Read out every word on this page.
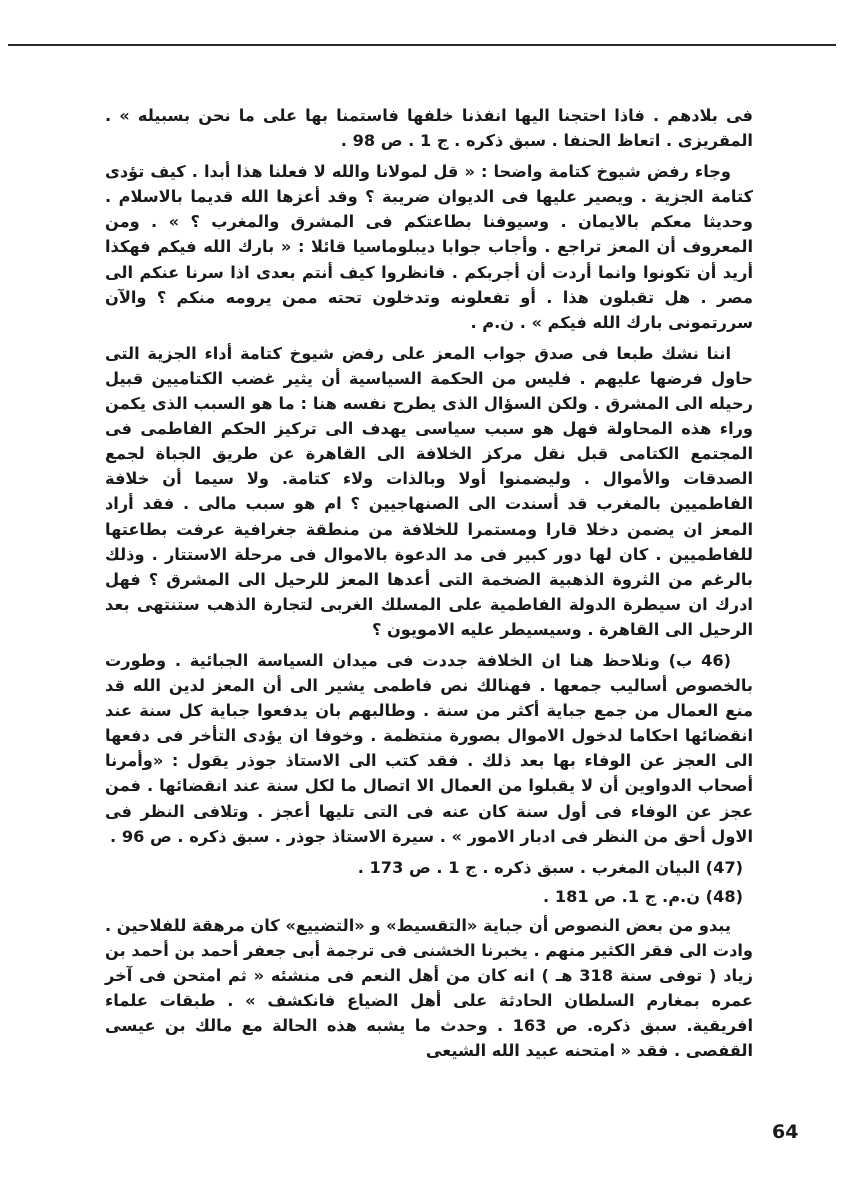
فى بلادهم . فاذا احتجنا اليها انفذنا خلفها فاستمنا بها على ما نحن بسبيله » . المقريزى . اتعاظ الحنفا . سبق ذكره . ج 1 . ص 98 .

وجاء رفض شيوخ كتامة واضحا : « قل لمولانا والله لا فعلنا هذا أبدا . كيف تؤدى كتامة الجزية . ويصير عليها فى الديوان ضريبة ؟ وقد أعزها الله قديما بالاسلام . وحديثا معكم بالايمان . وسيوفنا بطاعتكم فى المشرق والمغرب ؟ » . ومن المعروف أن المعز تراجع . وأجاب جوابا ديبلوماسيا قائلا : « بارك الله فيكم فهكذا أريد أن تكونوا وانما أردت أن أجربكم . فانظروا كيف أنتم بعدى اذا سرنا عنكم الى مصر . هل تقبلون هذا . أو تفعلونه وتدخلون تحته ممن يرومه منكم ؟ والآن سررتمونى بارك الله فيكم » . ن.م .

اننا نشك طبعا فى صدق جواب المعز على رفض شيوخ كتامة أداء الجزية التى حاول فرضها عليهم . فليس من الحكمة السياسية أن يثير غضب الكتاميين قبيل رحيله الى المشرق . ولكن السؤال الذى يطرح نفسه هنا : ما هو السبب الذى يكمن وراء هذه المحاولة فهل هو سبب سياسى يهدف الى تركيز الحكم الفاطمى فى المجتمع الكتامى قبل نقل مركز الخلافة الى القاهرة عن طريق الجباة لجمع الصدقات والأموال . وليضمنوا أولا وبالذات ولاء كتامة. ولا سيما أن خلافة الفاطميين بالمغرب قد أسندت الى الصنهاجيين ؟ ام هو سبب مالى . فقد أراد المعز ان يضمن دخلا قارا ومستمرا للخلافة من منطقة جغرافية عرفت بطاعتها للفاطميين . كان لها دور كبير فى مد الدعوة بالاموال فى مرحلة الاستتار . وذلك بالرغم من الثروة الذهبية الضخمة التى أعدها المعز للرحيل الى المشرق ؟ فهل ادرك ان سيطرة الدولة الفاطمية على المسلك الغربى لتجارة الذهب ستنتهى بعد الرحيل الى القاهرة . وسيسيطر عليه الامويون ؟

(46 ب) ونلاحظ هنا ان الخلافة جددت فى ميدان السياسة الجبائية . وطورت بالخصوص أساليب جمعها . فهنالك نص فاطمى يشير الى أن المعز لدين الله قد منع العمال من جمع جباية أكثر من سنة . وطالبهم بان يدفعوا جباية كل سنة عند انقضائها احكاما لدخول الاموال بصورة منتظمة . وخوفا ان يؤدى التأخر فى دفعها الى العجز عن الوفاء بها بعد ذلك . فقد كتب الى الاستاذ جوذر يقول : «وأمرنا أصحاب الدواوين أن لا يقبلوا من العمال الا اتصال ما لكل سنة عند انقضائها . فمن عجز عن الوفاء فى أول سنة كان عنه فى التى تليها أعجز . وتلافى النظر فى الاول أحق من النظر فى ادبار الامور » . سيرة الاستاذ جوذر . سبق ذكره . ص 96 .

(47) البيان المغرب . سبق ذكره . ج 1 . ص 173 .

(48) ن.م. ج 1. ص 181 .

يبدو من بعض النصوص أن جباية «التقسيط» و «التضييع» كان مرهقة للفلاحين . وادت الى فقر الكثير منهم . يخبرنا الخشنى فى ترجمة أبى جعفر أحمد بن أحمد بن زياد ( توفى سنة 318 هـ ) انه كان من أهل النعم فى منشئه « ثم امتحن فى آخر عمره بمغارم السلطان الحادثة على أهل الضياع فانكشف » . طبقات علماء افريقية. سبق ذكره. ص 163 . وحدث ما يشبه هذه الحالة مع مالك بن عيسى القفصى . فقد « امتحنه عبيد الله الشيعى

64
